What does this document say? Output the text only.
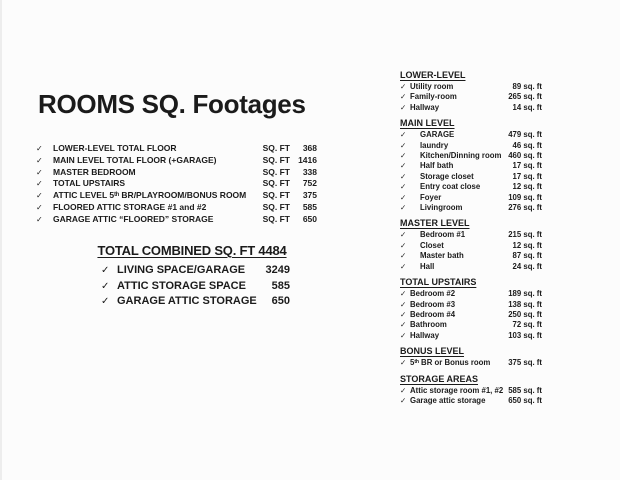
ROOMS SQ. Footages
✓	LOWER-LEVEL TOTAL FLOOR	SQ. FT	368
✓	MAIN LEVEL TOTAL FLOOR (+GARAGE)	SQ. FT 1416
✓	MASTER BEDROOM	SQ. FT	338
✓	TOTAL UPSTAIRS	SQ. FT	752
✓	ATTIC LEVEL 5ᵗʰ BR/PLAYROOM/BONUS ROOM	SQ. FT	375
✓	FLOORED ATTIC STORAGE #1 and #2	SQ. FT	585
✓	GARAGE ATTIC “FLOORED” STORAGE	SQ. FT	650
TOTAL COMBINED SQ. FT 4484
✓ LIVING SPACE/GARAGE 3249
✓ ATTIC STORAGE SPACE 585
✓ GARAGE ATTIC STORAGE 650
LOWER-LEVEL
✓ Utility room	89 sq. ft
✓ Family-room	265 sq. ft
✓ Hallway	14 sq. ft
MAIN LEVEL
✓	GARAGE	479 sq. ft
✓	laundry	46 sq. ft
✓	Kitchen/Dinning room 460 sq. ft
✓	Half bath	17 sq. ft
✓	Storage closet	17 sq. ft
✓	Entry coat close	12 sq. ft
✓	Foyer	109 sq. ft
✓	Livingroom	276 sq. ft
MASTER LEVEL
✓	Bedroom #1	215 sq. ft
✓	Closet	12 sq. ft
✓	Master bath	87 sq. ft
✓	Hall	24 sq. ft
TOTAL UPSTAIRS
✓ Bedroom #2	189 sq. ft
✓ Bedroom #3	138 sq. ft
✓ Bedroom #4	250 sq. ft
✓ Bathroom	72 sq. ft
✓ Hallway	103 sq. ft
BONUS LEVEL
✓ 5ᵗʰ BR or Bonus room 375 sq. ft
STORAGE AREAS
✓ Attic storage room #1, #2 585 sq. ft
✓ Garage attic storage	650 sq. ft
